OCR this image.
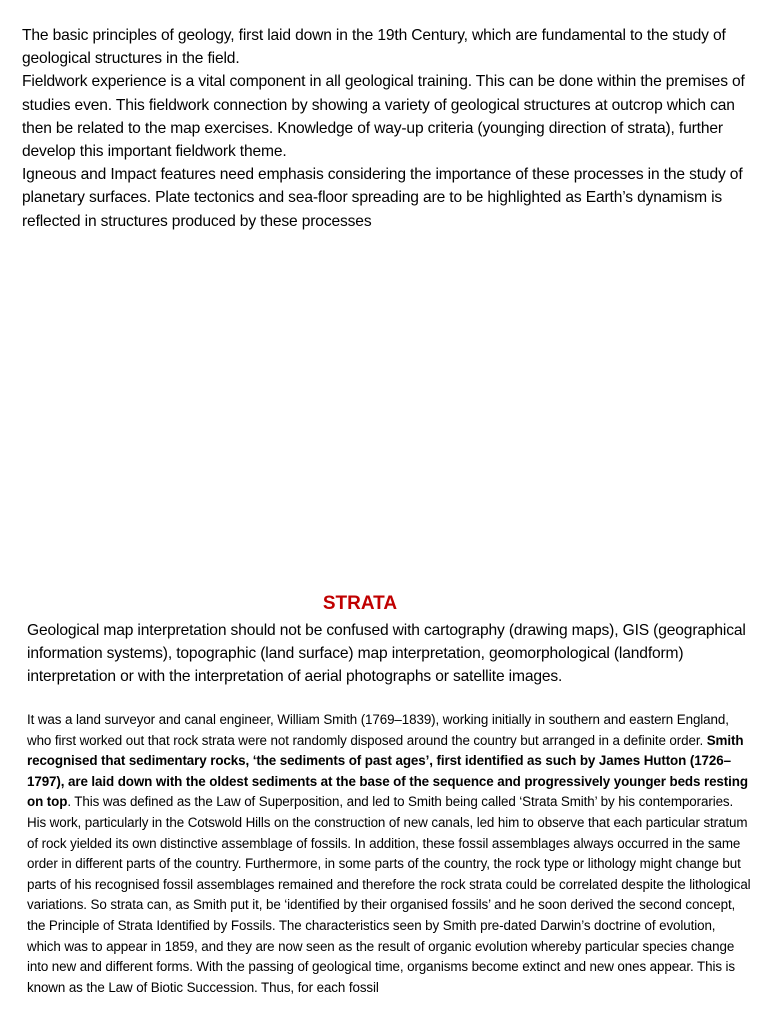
The basic principles of geology, first laid down in the 19th Century, which are fundamental to the study of geological structures in the field.

Fieldwork experience is a vital component in all geological training. This can be done within the premises of studies even. This fieldwork connection by showing a variety of geological structures at outcrop which can then be related to the map exercises. Knowledge of way-up criteria (younging direction of strata), further develop this important fieldwork theme.

Igneous and Impact features need emphasis considering the importance of these processes in the study of planetary surfaces. Plate tectonics and sea-floor spreading are to be highlighted as Earth’s dynamism is reflected in structures produced by these processes

STRATA

Geological map interpretation should not be confused with cartography (drawing maps), GIS (geographical information systems), topographic (land surface) map interpretation, geomorphological (landform) interpretation or with the interpretation of aerial photographs or satellite images.

It was a land surveyor and canal engineer, William Smith (1769–1839), working initially in southern and eastern England, who first worked out that rock strata were not randomly disposed around the country but arranged in a definite order. Smith recognised that sedimentary rocks, ‘the sediments of past ages’, first identified as such by James Hutton (1726–1797), are laid down with the oldest sediments at the base of the sequence and progressively younger beds resting on top. This was defined as the Law of Superposition, and led to Smith being called ‘Strata Smith’ by his contemporaries. His work, particularly in the Cotswold Hills on the construction of new canals, led him to observe that each particular stratum of rock yielded its own distinctive assemblage of fossils. In addition, these fossil assemblages always occurred in the same order in different parts of the country. Furthermore, in some parts of the country, the rock type or lithology might change but parts of his recognised fossil assemblages remained and therefore the rock strata could be correlated despite the lithological variations. So strata can, as Smith put it, be ‘identified by their organised fossils’ and he soon derived the second concept, the Principle of Strata Identified by Fossils. The characteristics seen by Smith pre-dated Darwin’s doctrine of evolution, which was to appear in 1859, and they are now seen as the result of organic evolution whereby particular species change into new and different forms. With the passing of geological time, organisms become extinct and new ones appear. This is known as the Law of Biotic Succession. Thus, for each fossil
